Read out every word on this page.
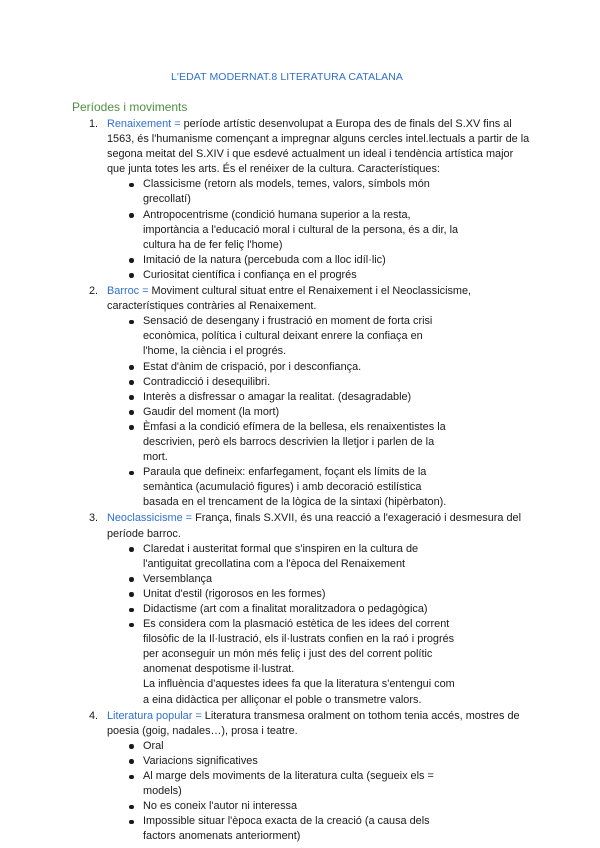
L'EDAT MODERNAT.8 LITERATURA CATALANA
Períodes i moviments
1. Renaixement = període artístic desenvolupat a Europa des de finals del S.XV fins al 1563, és l'humanisme començant a impregnar alguns cercles intel.lectuals a partir de la segona meitat del S.XIV i que esdevé actualment un ideal i tendència artística major que junta totes les arts. És el renéixer de la cultura. Característiques:
Classicisme (retorn als models, temes, valors, símbols món grecollatí)
Antropocentrisme (condició humana superior a la resta, importància a l'educació moral i cultural de la persona, és a dir, la cultura ha de fer feliç l'home)
Imitació de la natura (percebuda com a lloc idíl·lic)
Curiositat científica i confiança en el progrés
2. Barroc = Moviment cultural situat entre el Renaixement i el Neoclassicisme, característiques contràries al Renaixement.
Sensació de desengany i frustració en moment de forta crisi econòmica, política i cultural deixant enrere la confiaça en l'home, la ciència i el progrés.
Estat d'ànim de crispació, por i desconfiança.
Contradicció i desequilibri.
Interès a disfressar o amagar la realitat. (desagradable)
Gaudir del moment (la mort)
Èmfasi a la condició efímera de la bellesa, els renaixentistes la descrivien, però els barrocs descrivien la lletjor i parlen de la mort.
Paraula que defineix: enfarfegament, foçant els límits de la semàntica (acumulació figures) i amb decoració estilística basada en el trencament de la lògica de la sintaxi (hipèrbaton).
3. Neoclassicisme = França, finals S.XVII, és una reacció a l'exageració i desmesura del període barroc.
Claredat i austeritat formal que s'inspiren en la cultura de l'antiguitat grecollatina com a l'època del Renaixement
Versemblança
Unitat d'estil (rigorosos en les formes)
Didactisme (art com a finalitat moralitzadora o pedagògica)
Es considera com la plasmació estètica de les idees del corrent filosòfic de la Il·lustració, els il·lustrats confien en la raó i progrés per aconseguir un món més feliç i just des del corrent polític anomenat despotisme il·lustrat.
La influència d'aquestes idees fa que la literatura s'entengui com a eina didàctica per alliçonar el poble o transmetre valors.
4. Literatura popular = Literatura transmesa oralment on tothom tenia accés, mostres de poesia (goig, nadales…), prosa i teatre.
Oral
Variacions significatives
Al marge dels moviments de la literatura culta (segueix els = models)
No es coneix l'autor ni interessa
Impossible situar l'època exacta de la creació (a causa dels factors anomenats anteriorment)
